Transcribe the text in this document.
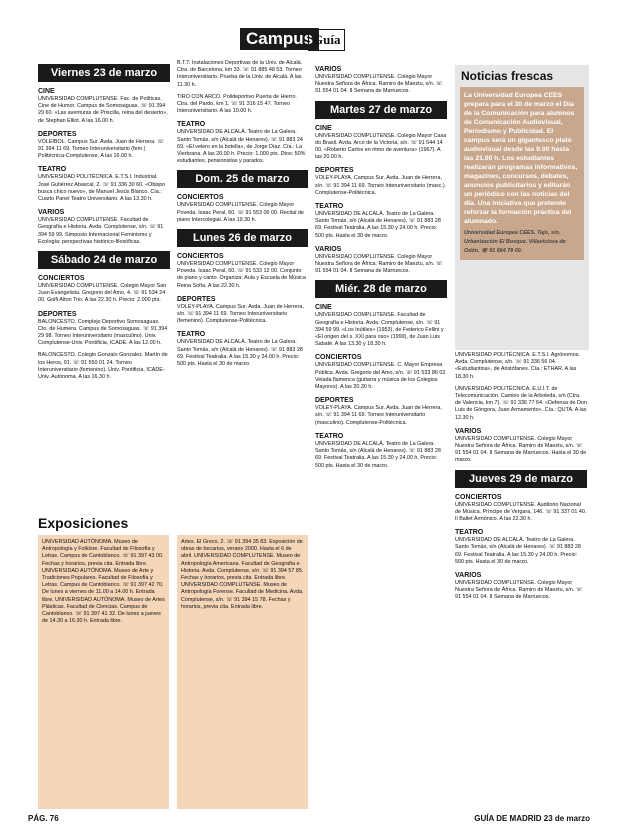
Campus Guía
Viernes 23 de marzo
CINE
UNIVERSIDAD COMPLUTENSE. Fac. de Políticas. Cine de Humor. Campus de Somosaguas. ☏ 91 394 29 60. «Las aventuras de Priscilla, reina del desierto», de Stephan Elliot. A las 16.00 h.
DEPORTES
VOLEIBOL. Campus Sur. Avda. Juan de Herrera. ☏ 91 394 11 69. Torneo Interuniversitario (fem.) Politécnica-Complutense. A las 16.00 h.
TEATRO
UNIVERSIDAD POLITÉCNICA. E.T.S.I. Industrial. José Gutiérrez Abascal, 2. ☏ 91 336 30 60. «Obispo busca chico nuevo», de Manuel Jesús Blanco. Cía.: Cuarto Panel Teatro Universitario. A las 13.30 h.
VARIOS
UNIVERSIDAD COMPLUTENSE. Facultad de Geografía e Historia. Avda. Complutense, s/n. ☏ 91 394 59 99. Simposio Internacional Feminismo y Ecología: perspectivas histórico-filosóficas.
Sábado 24 de marzo
CONCIERTOS
UNIVERSIDAD COMPLUTENSE. Colegio Mayor San Juan Evangelista. Gregorio del Amo, 4. ☏ 91 534 24 00. Golfi Alton Trio. A las 22.30 h. Precio: 2.000 pts.
DEPORTES
BALONCESTO. Complejo Deportivo Somosaguas. Cto. de Humera. Campus de Somosaguas. ☏ 91 394 29 98. Torneo Interuniversitario (masculino). Univ. Complutense-Univ. Pontificia, ICADE. A las 12.00 h.
BALONCESTO. Colegio Gonzalo Gonzalez. Martín de los Heros, 91. ☏ 91 550 01 24. Torneo Interuniversitario (femenino). Univ. Pontificia, ICADE-Univ. Autónoma. A las 16.30 h.
B.T.T. Instalaciones Deportivas de la Univ. de Alcalá. Ctra. de Barcelona, km 33. ☏ 91 885 48 53. Torneo Interuniversitario. Prueba de la Univ. de Alcalá. A las 11.30 h.
TIRO CON ARCO. Polideportivo Puerta de Hierro. Ctra. del Pardo, km 1. ☏ 91 316 15 47. Torneo Interuniversitario. A las 10.00 h.
TEATRO
UNIVERSIDAD DE ALCALÁ. Teatro de La Galera. Santo Tomás, s/n (Alcalá de Henares). ☏ 91 883 24 69. «El velero en la botella», de Jorge Díaz. Cía.: La Vierbrana. A las 20.00 h. Precio: 1.000 pts. Dtos: 50% estudiantes, pensionistas y parados.
Dom. 25 de marzo
CONCIERTOS
UNIVERSIDAD COMPLUTENSE. Colegio Mayor Poveda. Isaac Peral, 60. ☏ 91 553 06 00. Recital de piano Intercolegial. A las 19.30 h.
Lunes 26 de marzo
CONCIERTOS
UNIVERSIDAD COMPLUTENSE. Colegio Mayor Poveda. Isaac Peral, 60. ☏ 91 533 12 00. Conjunto de piano y canto. Organiza: Aula y Escuela de Música Reina Sofía. A las 22.30 h.
DEPORTES
VOLEY-PLAYA. Campus Sur. Avda. Juan de Herrera, s/n. ☏ 91 394 11 69. Torneo Interuniversitario (femenino). Complutense-Politécnica.
TEATRO
UNIVERSIDAD DE ALCALÁ. Teatro de La Galera. Santo Tomás, s/n (Alcalá de Henares). ☏ 91 883 28 69. Festival Teatralia. A las 15.30 y 24.00 h. Precio: 500 pts. Hasta el 30 de marzo.
VARIOS
UNIVERSIDAD COMPLUTENSE. Colegio Mayor Nuestra Señora de África. Ramiro de Maeztu, s/n. ☏ 91 554 01 04. II Semana de Marruecos.
Martes 27 de marzo
CINE
UNIVERSIDAD COMPLUTENSE. Colegio Mayor Casa do Brasil. Avda. Arco de la Victoria, s/n. ☏ 91 544 14 00. «Roberto Carlos en ritmo de aventura» (1967). A las 20.00 h.
DEPORTES
VOLEY-PLAYA. Campus Sur. Avda. Juan de Herrera, s/n. ☏ 91 394 11 69. Torneo Interuniversitario (masc.). Complutense-Politécnica.
TEATRO
UNIVERSIDAD DE ALCALÁ. Teatro de La Galera. Santo Tomás, s/n (Alcalá de Henares). ☏ 91 883 28 69. Festival Teatralia. A las 15.30 y 24.00 h. Precio: 500 pts. Hasta el 30 de marzo.
VARIOS
UNIVERSIDAD COMPLUTENSE. Colegio Mayor Nuestra Señora de África. Ramiro de Maeztu, s/n. ☏ 91 554 01 04. II Semana de Marruecos.
Miér. 28 de marzo
CINE
UNIVERSIDAD COMPLUTENSE. Facultad de Geografía e Historia. Avda. Complutense, s/n. ☏ 91 394 59 99. «Los Inútiles» (1953), de Federico Fellini y «El origen del s. XXI para oso» (1999), de Juan Luis Sabaté. A las 13.30 y 18.30 h.
CONCIERTOS
UNIVERSIDAD COMPLUTENSE. C. Mayor Empresa Pública. Avda. Gregorio del Amo, s/n. ☏ 91 533 86 02. Velada flamenca (guitarra y música de los Colegios Mayores). A las 20.30 h.
DEPORTES
VOLEY-PLAYA. Campus Sur. Avda. Juan de Herrera, s/n. ☏ 91 394 11 69. Torneo Interuniversitario (masculino). Complutense-Politécnica.
TEATRO
UNIVERSIDAD DE ALCALÁ. Teatro de La Galera. Santo Tomás, s/n (Alcalá de Henares). ☏ 91 883 28 69. Festival Teatralia. A las 15.30 y 24.00 h. Precio: 500 pts. Hasta el 30 de marzo.
Noticias frescas
La Universidad Europea CEES prepara para el 30 de marzo el Día de la Comunicación para alumnos de Comunicación Audiovisual, Periodismo y Publicidad. El campus será un gigantesco plató audiovisual desde las 9.00 hasta las 21.00 h. Los estudiantes realizarán programas informativos, magazines, concursos, debates, anuncios publicitarios y editarán un periódico con las noticias del día. Una iniciativa que pretende reforzar la formación práctica del alumnado.
Universidad Europea CEES. Tajo, s/n. Urbanización El Bosque. Villaviciosa de Odón. ☏ 91 664 78 00.
UNIVERSIDAD POLITÉCNICA. E.T.S.I. Agrónomos. Avda. Complutense, s/n. ☏ 91 336 56 04. «Estudiantina», de Aristófanes. Cía.: ETHAR. A las 18.30 h.
UNIVERSIDAD POLITÉCNICA. E.U.I.T. de Telecomunicación. Camino de la Arboleda, s/n (Ctra. de Valencia, km 7). ☏ 91 336 77 64. «Defensa de Don Luis de Góngora, Juan Armamento». Cía.: QUTA. A las 12.30 h.
VARIOS
UNIVERSIDAD COMPLUTENSE. Colegio Mayor Nuestra Señora de África. Ramiro de Maeztu, s/n. ☏ 91 554 01 04. II Semana de Marruecos. Hasta el 30 de marzo.
Jueves 29 de marzo
CONCIERTOS
UNIVERSIDAD COMPLUTENSE. Auditorio Nacional de Música. Príncipe de Vergara, 146. ☏ 91 337 01 40. Il Ballet Armónico. A las 22.30 h.
TEATRO
UNIVERSIDAD DE ALCALÁ. Teatro de La Galera. Santo Tomás, s/n (Alcalá de Henares). ☏ 91 883 28 69. Festival Teatralia. A las 15.30 y 24.00 h. Precio: 500 pts. Hasta el 30 de marzo.
VARIOS
UNIVERSIDAD COMPLUTENSE. Colegio Mayor Nuestra Señora de África. Ramiro de Maeztu, s/n. ☏ 91 554 01 04. II Semana de Marruecos.
Exposiciones
UNIVERSIDAD AUTÓNOMA. Museo de Antropología y Folklore. Facultad de Filosofía y Letras. Campus de Cantoblanco. ☏ 91 397 43 00. Fechas y horarios, previa cita. Entrada libre. UNIVERSIDAD AUTÓNOMA. Museo de Arte y Tradiciones Populares. Facultad de Filosofía y Letras. Campus de Cantoblanco. ☏ 91 397 42 70. De lunes a viernes de 11.00 a 14.00 h. Entrada libre. UNIVERSIDAD AUTÓNOMA. Museo de Artes Plásticas. Facultad de Ciencias. Campus de Cantoblanco. ☏ 91 397 41 32. De lunes a jueves de 14.30 a 16.30 h. Entrada libre.
Artes. El Greco, 2. ☏ 91 394 35 83. Exposición de obras de becarios, verano 2000. Hasta el 6 de abril. UNIVERSIDAD COMPLUTENSE. Museo de Antropología Americana. Facultad de Geografía e Historia. Avda. Complutense, s/n. ☏ 91 394 57 85. Fechas y horarios, previa cita. Entrada libre. UNIVERSIDAD COMPLUTENSE. Museo de Antropología Forense. Facultad de Medicina. Avda. Complutense, s/n. ☏ 91 394 15 78. Fechas y horarios, previa cita. Entrada libre.
PÁG. 76	GUÍA DE MADRID 23 de marzo
